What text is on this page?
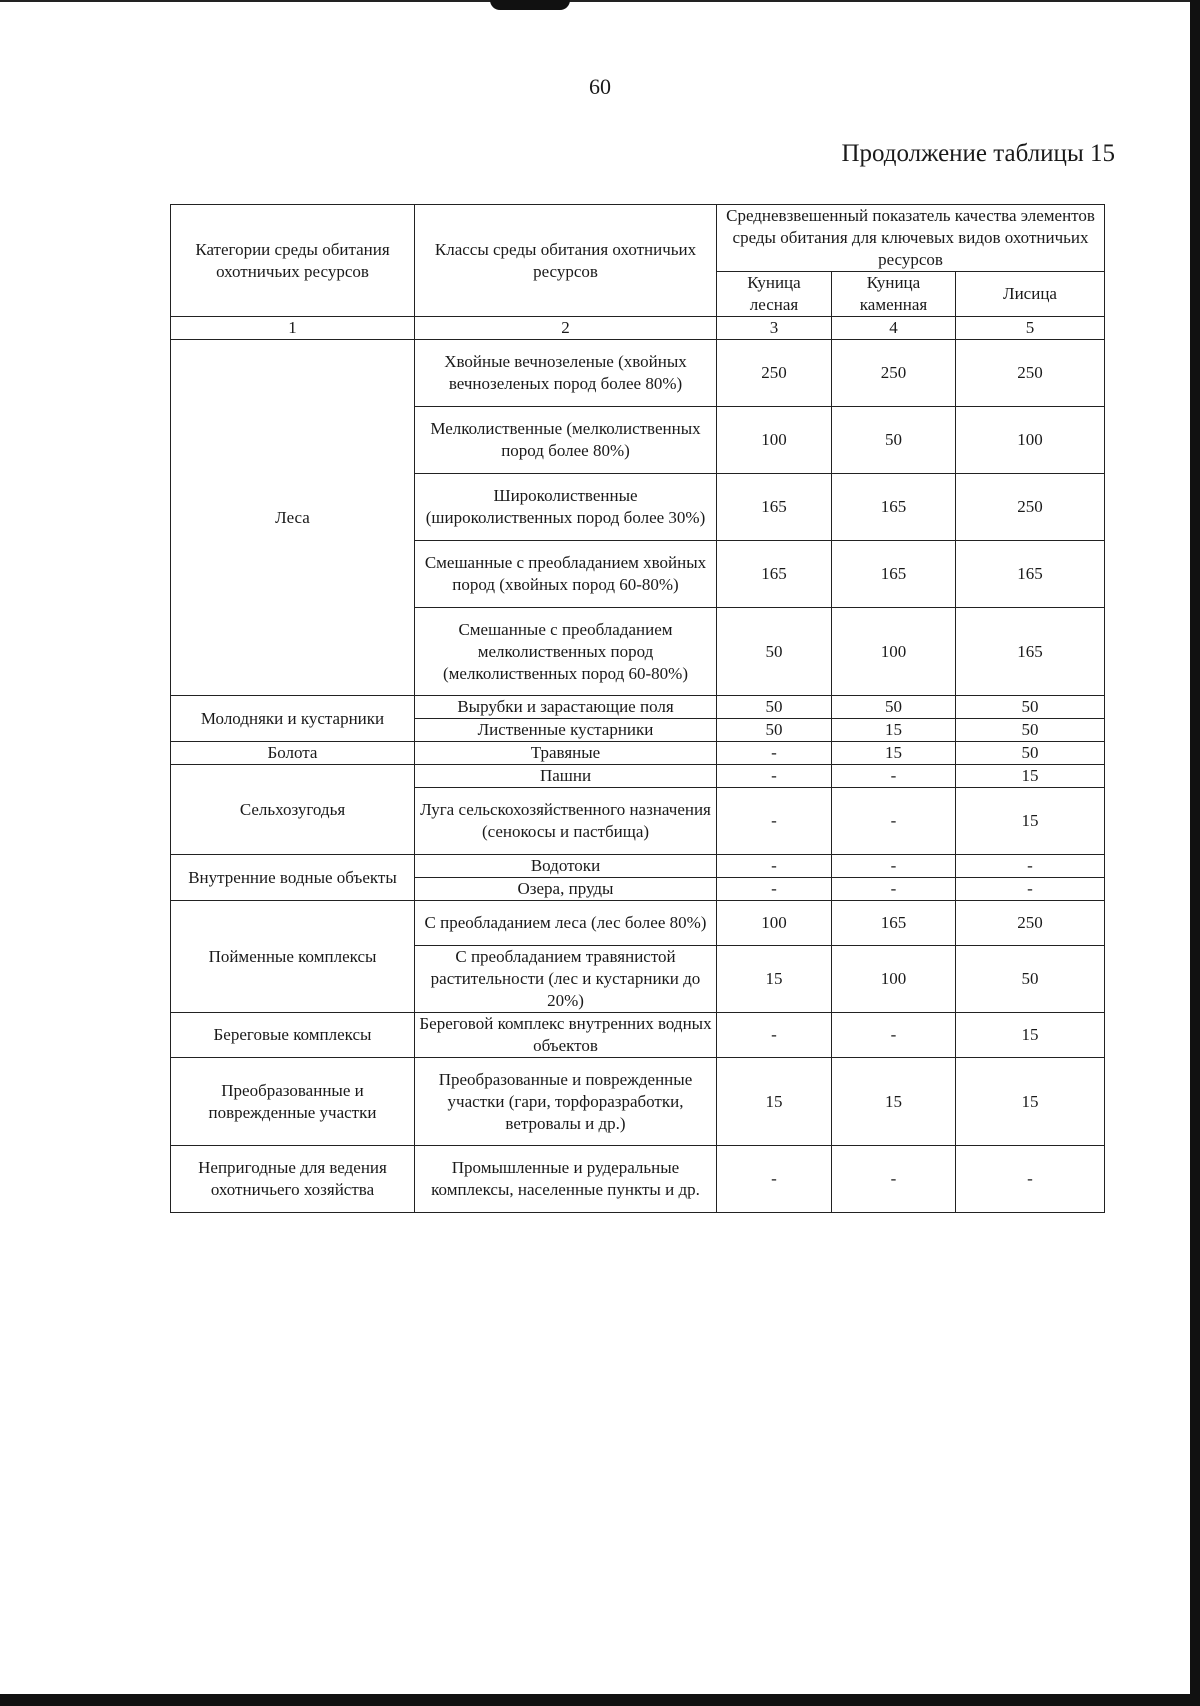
60
Продолжение таблицы 15
Категории среды обитания охотничьих ресурсов	Классы среды обитания охотничьих ресурсов	Средневзвешенный показатель качества элементов среды обитания для ключевых видов охотничьих ресурсов		
		Куница лесная	Куница каменная	Лисица
1	2	3	4	5
Леса	Хвойные вечнозеленые (хвойных вечнозеленых пород более 80%)	250	250	250
	Мелколиственные (мелколиственных пород более 80%)	100	50	100
	Широколиственные (широколиственных пород более 30%)	165	165	250
	Смешанные с преобладанием хвойных пород (хвойных пород 60-80%)	165	165	165
	Смешанные с преобладанием мелколиственных пород (мелколиственных пород 60-80%)	50	100	165
Молодняки и кустарники	Вырубки и зарастающие поля	50	50	50
	Лиственные кустарники	50	15	50
Болота	Травяные	-	15	50
Сельхозугодья	Пашни	-	-	15
	Луга сельскохозяйственного назначения (сенокосы и пастбища)	-	-	15
Внутренние водные объекты	Водотоки	-	-	-
	Озера, пруды	-	-	-
Пойменные комплексы	С преобладанием леса (лес более 80%)	100	165	250
	С преобладанием травянистой растительности (лес и кустарники до 20%)	15	100	50
Береговые комплексы	Береговой комплекс внутренних водных объектов	-	-	15
Преобразованные и поврежденные участки	Преобразованные и поврежденные участки (гари, торфоразработки, ветровалы и др.)	15	15	15
Непригодные для ведения охотничьего хозяйства	Промышленные и рудеральные комплексы, населенные пункты и др.	-	-	-
